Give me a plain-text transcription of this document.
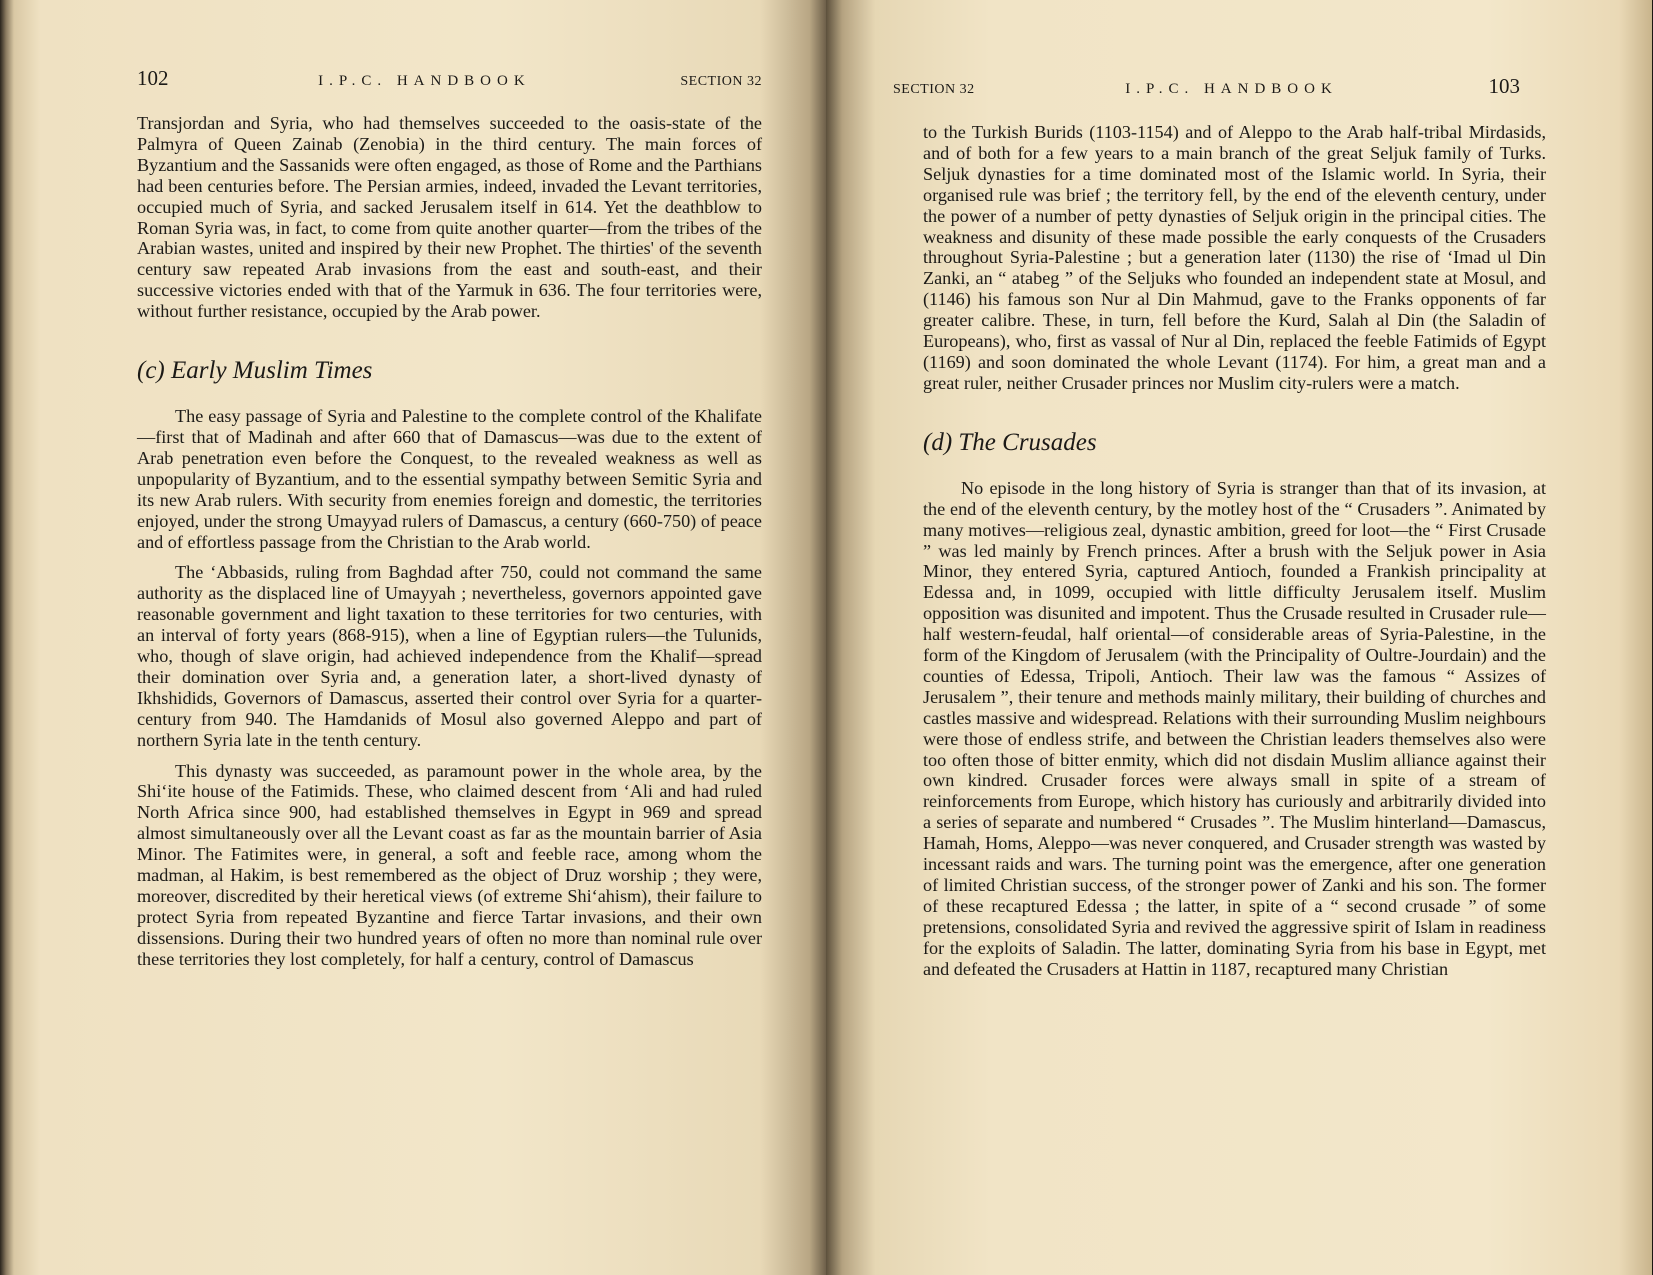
102	I.P.C. HANDBOOK	SECTION 32

Transjordan and Syria, who had themselves succeeded to the oasis-state of the Palmyra of Queen Zainab (Zenobia) in the third century. The main forces of Byzantium and the Sassanids were often engaged, as those of Rome and the Parthians had been centuries before. The Persian armies, indeed, invaded the Levant territories, occupied much of Syria, and sacked Jerusalem itself in 614. Yet the deathblow to Roman Syria was, in fact, to come from quite another quarter—from the tribes of the Arabian wastes, united and inspired by their new Prophet. The thirties' of the seventh century saw repeated Arab invasions from the east and south-east, and their successive victories ended with that of the Yarmuk in 636. The four territories were, without further resistance, occupied by the Arab power.

(c) Early Muslim Times

The easy passage of Syria and Palestine to the complete control of the Khalifate—first that of Madinah and after 660 that of Damascus—was due to the extent of Arab penetration even before the Conquest, to the revealed weakness as well as unpopularity of Byzantium, and to the essential sympathy between Semitic Syria and its new Arab rulers. With security from enemies foreign and domestic, the territories enjoyed, under the strong Umayyad rulers of Damascus, a century (660-750) of peace and of effortless passage from the Christian to the Arab world.

The ‘Abbasids, ruling from Baghdad after 750, could not command the same authority as the displaced line of Umayyah ; nevertheless, governors appointed gave reasonable government and light taxation to these territories for two centuries, with an interval of forty years (868-915), when a line of Egyptian rulers—the Tulunids, who, though of slave origin, had achieved independence from the Khalif—spread their domination over Syria and, a generation later, a short-lived dynasty of Ikhshidids, Governors of Damascus, asserted their control over Syria for a quarter-century from 940. The Hamdanids of Mosul also governed Aleppo and part of northern Syria late in the tenth century.

This dynasty was succeeded, as paramount power in the whole area, by the Shi‘ite house of the Fatimids. These, who claimed descent from ‘Ali and had ruled North Africa since 900, had established themselves in Egypt in 969 and spread almost simultaneously over all the Levant coast as far as the mountain barrier of Asia Minor. The Fatimites were, in general, a soft and feeble race, among whom the madman, al Hakim, is best remembered as the object of Druz worship ; they were, moreover, discredited by their heretical views (of extreme Shi‘ahism), their failure to protect Syria from repeated Byzantine and fierce Tartar invasions, and their own dissensions. During their two hundred years of often no more than nominal rule over these territories they lost completely, for half a century, control of Damascus

SECTION 32	I.P.C. HANDBOOK	103

to the Turkish Burids (1103-1154) and of Aleppo to the Arab half-tribal Mirdasids, and of both for a few years to a main branch of the great Seljuk family of Turks. Seljuk dynasties for a time dominated most of the Islamic world. In Syria, their organised rule was brief ; the territory fell, by the end of the eleventh century, under the power of a number of petty dynasties of Seljuk origin in the principal cities. The weakness and disunity of these made possible the early conquests of the Crusaders throughout Syria-Palestine ; but a generation later (1130) the rise of ‘Imad ul Din Zanki, an “ atabeg ” of the Seljuks who founded an independent state at Mosul, and (1146) his famous son Nur al Din Mahmud, gave to the Franks opponents of far greater calibre. These, in turn, fell before the Kurd, Salah al Din (the Saladin of Europeans), who, first as vassal of Nur al Din, replaced the feeble Fatimids of Egypt (1169) and soon dominated the whole Levant (1174). For him, a great man and a great ruler, neither Crusader princes nor Muslim city-rulers were a match.

(d) The Crusades

No episode in the long history of Syria is stranger than that of its invasion, at the end of the eleventh century, by the motley host of the “ Crusaders ”. Animated by many motives—religious zeal, dynastic ambition, greed for loot—the “ First Crusade ” was led mainly by French princes. After a brush with the Seljuk power in Asia Minor, they entered Syria, captured Antioch, founded a Frankish principality at Edessa and, in 1099, occupied with little difficulty Jerusalem itself. Muslim opposition was disunited and impotent. Thus the Crusade resulted in Crusader rule—half western-feudal, half oriental—of considerable areas of Syria-Palestine, in the form of the Kingdom of Jerusalem (with the Principality of Oultre-Jourdain) and the counties of Edessa, Tripoli, Antioch. Their law was the famous “ Assizes of Jerusalem ”, their tenure and methods mainly military, their building of churches and castles massive and widespread. Relations with their surrounding Muslim neighbours were those of endless strife, and between the Christian leaders themselves also were too often those of bitter enmity, which did not disdain Muslim alliance against their own kindred. Crusader forces were always small in spite of a stream of reinforcements from Europe, which history has curiously and arbitrarily divided into a series of separate and numbered “ Crusades ”. The Muslim hinterland—Damascus, Hamah, Homs, Aleppo—was never conquered, and Crusader strength was wasted by incessant raids and wars. The turning point was the emergence, after one generation of limited Christian success, of the stronger power of Zanki and his son. The former of these recaptured Edessa ; the latter, in spite of a “ second crusade ” of some pretensions, consolidated Syria and revived the aggressive spirit of Islam in readiness for the exploits of Saladin. The latter, dominating Syria from his base in Egypt, met and defeated the Crusaders at Hattin in 1187, recaptured many Christian
